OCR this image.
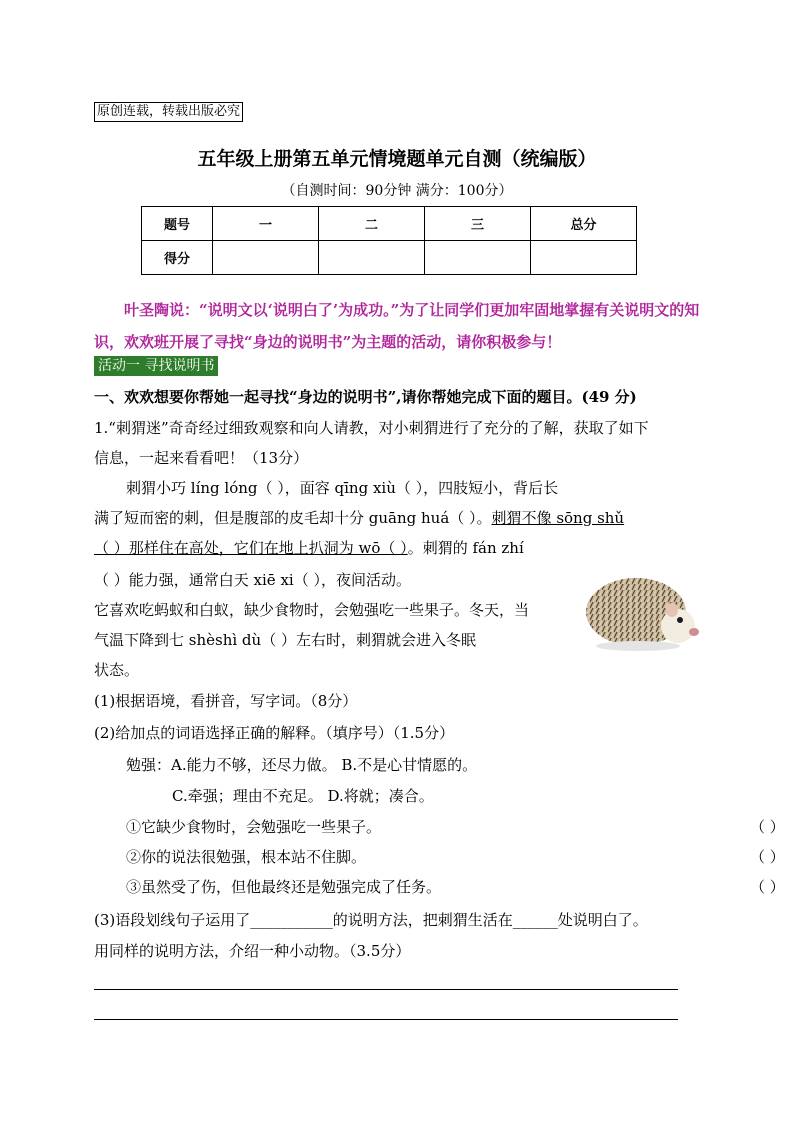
原创连载，转载出版必究
五年级上册第五单元情境题单元自测（统编版）
（自测时间：90分钟 满分：100分）
题号	一	二	三	总分
得分				
叶圣陶说：“说明文以‘说明白了’为成功。”为了让同学们更加牢固地掌握有关说明文的知识，欢欢班开展了寻找“身边的说明书”为主题的活动，请你积极参与！
活动一 寻找说明书
一、欢欢想要你帮她一起寻找“身边的说明书”,请你帮她完成下面的题目。(49 分)
1.“刺猬迷”奇奇经过细致观察和向人请教，对小刺猬进行了充分的了解，获取了如下
信息，一起来看看吧！（13分）
刺猬小巧 líng lóng（ ），面容 qīng xiù（ ），四肢短小，背后长
满了短而密的刺，但是腹部的皮毛却十分 guāng huá（ ）。刺猬不像 sōng shǔ
（ ）那样住在高处，它们在地上扒洞为 wō（ ）。刺猬的 fán zhí
（ ）能力强，通常白天 xiē xi（ ），夜间活动。
它喜欢吃蚂蚁和白蚁，缺少食物时，会勉强吃一些果子。冬天，当
气温下降到七 shèshì dù（ ）左右时，刺猬就会进入冬眠
状态。
(1)根据语境，看拼音，写字词。（8分）
(2)给加点的词语选择正确的解释。（填序号）（1.5分）
勉强：A.能力不够，还尽力做。 B.不是心甘情愿的。
C.牵强；理由不充足。 D.将就；凑合。
①它缺少食物时，会勉强吃一些果子。	（ ）
②你的说法很勉强，根本站不住脚。	（ ）
③虽然受了伤，但他最终还是勉强完成了任务。	（ ）
(3)语段划线句子运用了___________的说明方法，把刺猬生活在______处说明白了。
用同样的说明方法，介绍一种小动物。（3.5分）
